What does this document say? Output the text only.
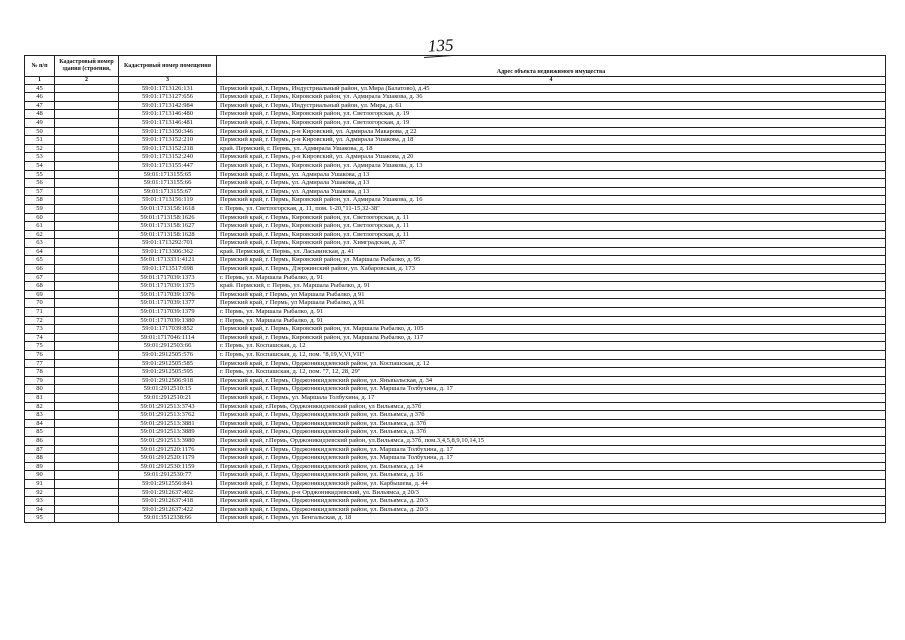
135
№ п/п	Кадастровый номер здания (строения,	Кадастровый номер помещения	Адрес объекта недвижимого имущества
1	2	3	4
45		59:01:1713126:131	Пермский край, г. Пермь, Индустриальный район, ул.Мира (Балатово), д.45
46		59:01:1713127:656	Пермский край, г. Пермь, Кировский район, ул. Адмирала Ушакова, д. 36
47		59:01:1713142:984	Пермский край, г. Пермь, Индустриальный район, ул. Мира, д. 61
48		59:01:1713146:480	Пермский край, г. Пермь, Кировский район, ул. Светлогорская, д. 19
49		59:01:1713146:481	Пермский край, г. Пермь, Кировский район, ул. Светлогорская, д. 19
50		59:01:1713150:346	Пермский край, г. Пермь, р-н Кировский, ул. Адмирала Макарова, д 22
51		59:01:1713152:210	Пермский край, г. Пермь, р-н Кировский, ул. Адмирала Ушакова, д 18
52		59:01:1713152:218	край. Пермский, г. Пермь, ул. Адмирала Ушакова, д. 18
53		59:01:1713152:240	Пермский край, г. Пермь, р-н Кировский, ул. Адмирала Ушакова, д 20
54		59:01:1713155:447	Пермский край, г. Пермь, Кировский район, ул. Адмирала Ушакова, д. 13
55		59:01:1713155:65	Пермский край, г. Пермь, ул. Адмирала Ушакова, д 13
56		59:01:1713155:66	Пермский край, г. Пермь, ул. Адмирала Ушакова, д 13
57		59:01:1713155:67	Пермский край, г. Пермь, ул. Адмирала Ушакова, д 13
58		59:01:1713156:119	Пермский край, г. Пермь, Кировский район, ул. Адмирала Ушакова, д. 16
59		59:01:1713158:1618	г. Пермь, ул. Светлогорская, д. 11, пом. 1-20,"11-15,32-38"
60		59:01:1713158:1626	Пермский край, г. Пермь, Кировский район, ул. Светлогорская, д. 11
61		59:01:1713158:1627	Пермский край, г. Пермь, Кировский район, ул. Светлогорская, д. 11
62		59:01:1713158:1628	Пермский край, г. Пермь, Кировский район, ул. Светлогорская, д. 11
63		59:01:1713292:701	Пермский край, г. Пермь, Кировский район, ул. Химградская, д. 37
64		59:01:1713306:362	край. Пермский, г. Пермь, ул. Ласьвинская, д. 41
65		59:01:1713331:4121	Пермский край, г. Пермь, Кировский район, ул. Маршала Рыбалко, д. 95
66		59:01:1713517:698	Пермский край, г. Пермь, Дзержинский район, ул. Хабаровская, д. 173
67		59:01:1717039:1373	г. Пермь, ул. Маршала Рыбалко, д. 91
68		59:01:1717039:1375	край. Пермский, г. Пермь, ул. Маршала Рыбалко, д. 91
69		59:01:1717039:1376	Пермский край, г Пермь, ул Маршала Рыбалко, д 91
70		59:01:1717039:1377	Пермский край, г Пермь, ул Маршала Рыбалко, д 91
71		59:01:1717039:1379	г. Пермь, ул. Маршала Рыбалко, д. 91
72		59:01:1717039:1380	г. Пермь, ул. Маршала Рыбалко, д. 91
73		59:01:1717039:852	Пермский край, г. Пермь, Кировский район, ул. Маршала Рыбалко, д. 105
74		59:01:1717046:1114	Пермский край, г. Пермь, Кировский район, ул. Маршала Рыбалко, д. 117
75		59:01:2912503:66	г. Пермь, ул. Коспашская, д. 12
76		59:01:2912505:576	г. Пермь, ул. Коспашская, д. 12, пом. "8,19,V,VI,VII"
77		59:01:2912505:585	Пермский край, г. Пермь, Орджоникидзевский район, ул. Коспашская, д. 12
78		59:01:2912505:595	г. Пермь, ул. Коспашская, д. 12, пом. "7, 12, 28, 29"
79		59:01:2912506:918	Пермский край, г. Пермь, Орджоникидзевский район, ул. Яньвыльская, д. 34
80		59:01:2912510:15	Пермский край, г. Пермь, Орджоникидзевский район, ул. Маршала Толбухина, д. 17
81		59:01:2912510:21	Пермский край, г. Пермь, ул. Маршала Толбухина, д. 17
82		59:01:2912513:3743	Пермский край, г.Пермь, Орджоникидзевский район, ул Вильямса, д.37б
83		59:01:2912513:3762	Пермский край, г. Пермь, Орджоникидзевский район, ул. Вильямса, д 37б
84		59:01:2912513:3881	Пермский край, г. Пермь, Орджоникидзевский район, ул. Вильямса, д. 37б
85		59:01:2912513:3889	Пермский край, г. Пермь, Орджоникидзевский район, ул. Вильямса, д. 37б
86		59:01:2912513:3980	Пермский край, г.Пермь, Орджоникидзевский район, ул.Вильямса, д.37б, пом.3,4,5,8,9,10,14,15
87		59:01:2912520:1176	Пермский край, г. Пермь, Орджоникидзевский район, ул. Маршала Толбухина, д. 17
88		59:01:2912520:1179	Пермский край, г. Пермь, Орджоникидзевский район, ул. Маршала Толбухина, д. 17
89		59:01:2912530:1159	Пермский край, г. Пермь, Орджоникидзевский район, ул. Вильямса, д. 14
90		59:01:2912530:77	Пермский край, г. Пермь, Орджоникидзевский район, ул. Вильямса, д. 16
91		59:01:2912556:841	Пермский край, г. Пермь, Орджоникидзевский район, ул. Карбышева, д. 44
92		59:01:2912637:402	Пермский край, г. Пермь, р-н Орджоникидзевский, ул. Вильямса, д 20/3
93		59:01:2912637:418	Пермский край, г. Пермь, Орджоникидзевский район, ул. Вильямса, д. 20/3
94		59:01:2912637:422	Пермский край, г. Пермь, Орджоникидзевский район, ул. Вильямса, д. 20/3
95		59:01:3512338:66	Пермский край, г. Пермь, ул. Бенгальская, д. 18
